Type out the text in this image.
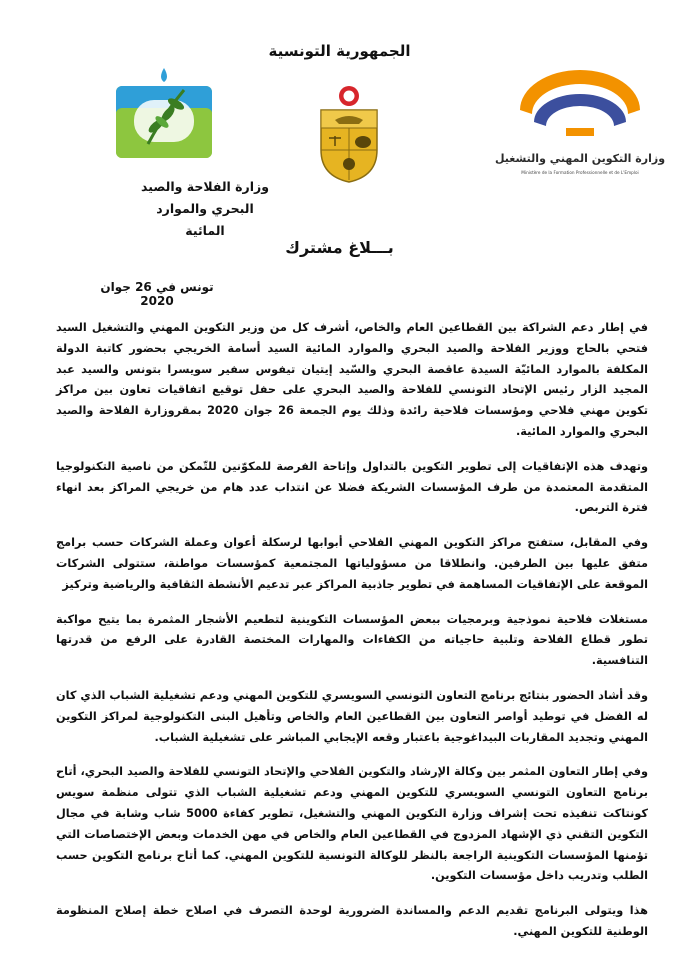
الجمهورية التونسية
وزارة التكوين المهني والتشغيل
Ministère de la Formation Professionnelle et de L'Emploi
وزارة الفلاحة والصيد البحري والموارد
المائية
بـــلاغ مشترك
تونس في 26 جوان 2020

في إطار دعم الشراكة بين القطاعين العام والخاص، أشرف كل من وزير التكوين المهني والتشغيل السيد فتحي بالحاج ووزير الفلاحة والصيد البحري والموارد المائية السيد أسامة الخريجي بحضور كاتبة الدولة المكلفة بالموارد المائيّة السيدة عاقصة البحري والسّيد إيتيان تيفوس سفير سويسرا بتونس والسيد عبد المجيد الزار رئيس الإتحاد التونسي للفلاحة والصيد البحري على حفل توقيع اتفاقيات تعاون بين مراكز تكوين مهني فلاحي ومؤسسات فلاحية رائدة وذلك يوم الجمعة 26 جوان 2020 بمقروزارة الفلاحة والصيد البحري والموارد المائية.

وتهدف هذه الإتفاقيات إلى تطوير التكوين بالتداول وإتاحة الفرصة للمكوّنين للتّمكن من ناصية التكنولوجيا المتقدمة المعتمدة من طرف المؤسسات الشريكة فضلا عن انتداب عدد هام من خريجي المراكز بعد انهاء فترة التربص.

وفي المقابل، ستفتح مراكز التكوين المهني الفلاحي أبوابها لرسكلة أعوان وعملة الشركات حسب برامج متفق عليها بين الطرفين. وانطلاقا من مسؤولياتها المجتمعية كمؤسسات مواطنة، ستتولى الشركات الموقعة على الإتفاقيات المساهمة في تطوير جاذبية المراكز عبر تدعيم الأنشطة الثقافية والرياضية وتركيز

مستغلات فلاحية نموذجية وبرمجيات ببعض المؤسسات التكوينية لتطعيم الأشجار المثمرة بما يتيح مواكبة تطور قطاع الفلاحة وتلبية حاجياته من الكفاءات والمهارات المختصة القادرة على الرفع من قدرتها التنافسية.

وقد أشاد الحضور بنتائج برنامج التعاون التونسي السويسري للتكوين المهني ودعم تشغيلية الشباب الذي كان له الفضل في توطيد أواصر التعاون بين القطاعين العام والخاص وتأهيل البنى التكنولوجية لمراكز التكوين المهني وتجديد المقاربات البيداغوجية باعتبار وقعه الإيجابي المباشر على تشغيلية الشباب.

وفي إطار التعاون المثمر بين وكالة الإرشاد والتكوين الفلاحي والإتحاد التونسي للفلاحة والصيد البحري، أتاح برنامج التعاون التونسي السويسري للتكوين المهني ودعم تشغيلية الشباب الذي تتولى منظمة سويس كونتاكت تنفيذه تحت إشراف وزارة التكوين المهني والتشغيل، تطوير كفاءة 5000 شاب وشابة في مجال التكوين التقني ذي الإشهاد المزدوج في القطاعين العام والخاص في مهن الخدمات وبعض الإختصاصات التي تؤمنها المؤسسات التكوينية الراجعة بالنظر للوكالة التونسية للتكوين المهني. كما أتاح برنامج التكوين حسب الطلب وتدريب داخل مؤسسات التكوين.

هذا ويتولى البرنامج تقديم الدعم والمساندة الضرورية لوحدة التصرف في اصلاح خطة إصلاح المنظومة الوطنية للتكوين المهني.
